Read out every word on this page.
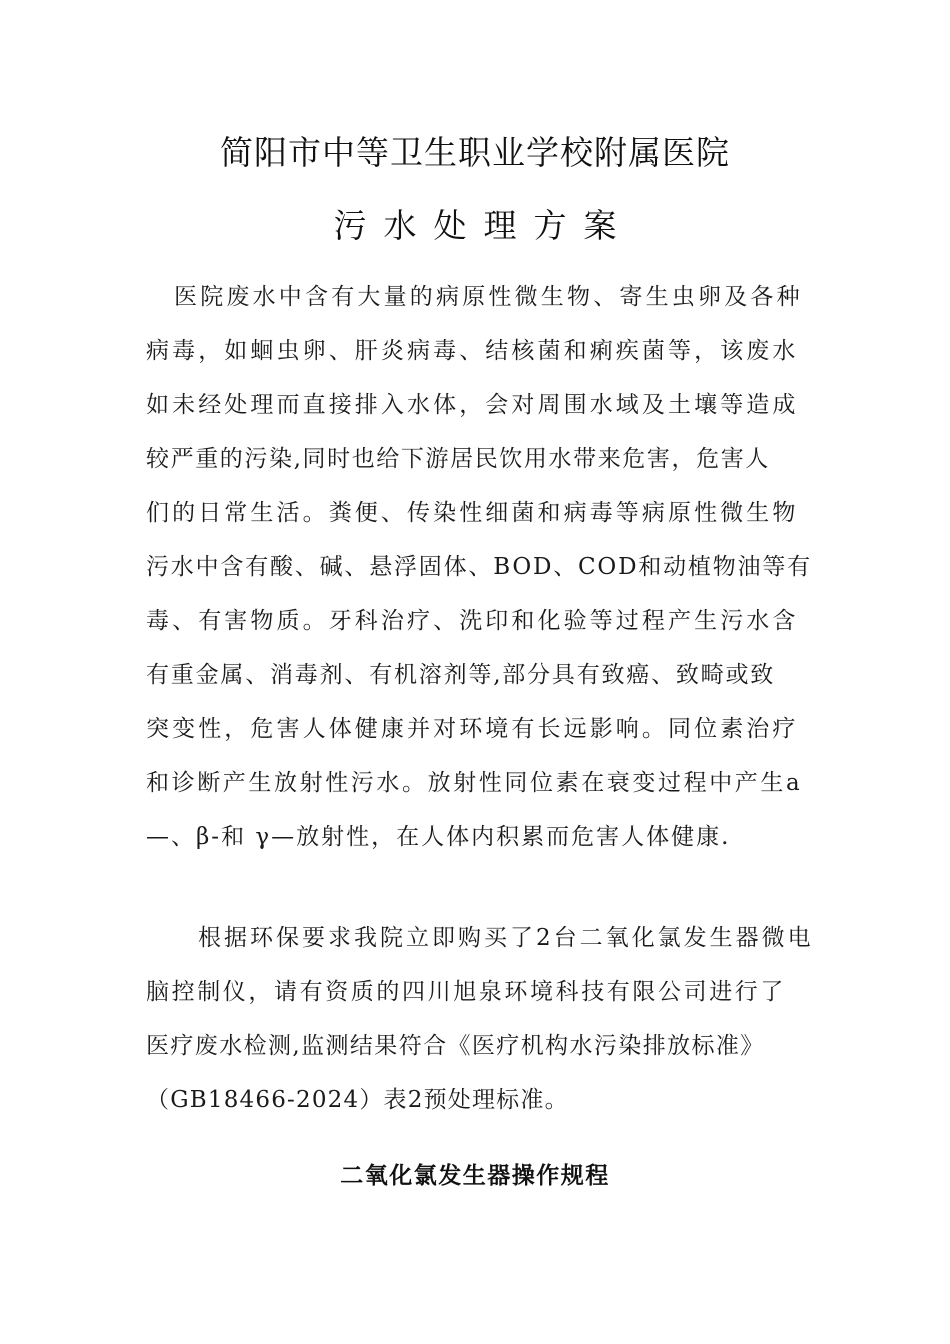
简阳市中等卫生职业学校附属医院
污水处理方案
医院废水中含有大量的病原性微生物、寄生虫卵及各种
病毒，如蛔虫卵、肝炎病毒、结核菌和痢疾菌等，该废水
如未经处理而直接排入水体，会对周围水域及土壤等造成
较严重的污染,同时也给下游居民饮用水带来危害，危害人
们的日常生活。粪便、传染性细菌和病毒等病原性微生物
污水中含有酸、碱、悬浮固体、BOD、COD和动植物油等有
毒、有害物质。牙科治疗、洗印和化验等过程产生污水含
有重金属、消毒剂、有机溶剂等,部分具有致癌、致畸或致
突变性，危害人体健康并对环境有长远影响。同位素治疗
和诊断产生放射性污水。放射性同位素在衰变过程中产生a
—、β-和 γ—放射性，在人体内积累而危害人体健康.
根据环保要求我院立即购买了2台二氧化氯发生器微电
脑控制仪，请有资质的四川旭泉环境科技有限公司进行了
医疗废水检测,监测结果符合《医疗机构水污染排放标准》
（GB18466-2024）表2预处理标准。
二氧化氯发生器操作规程
